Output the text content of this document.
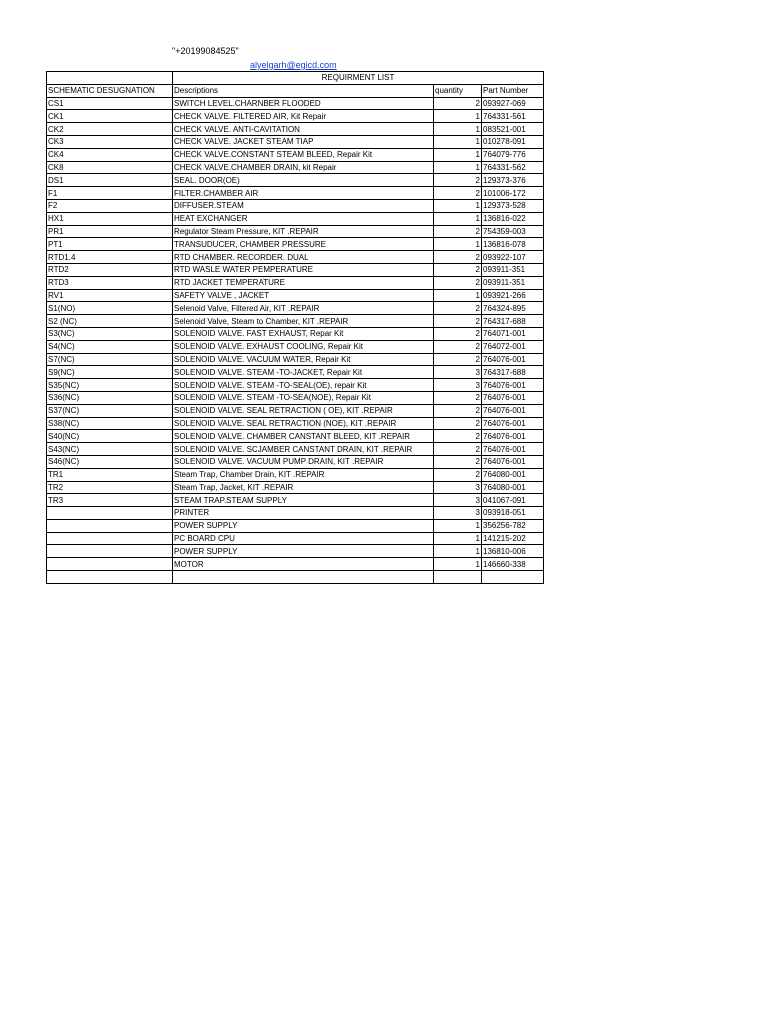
"+20199084525"
alyelgarh@egicd.com
	REQUIRMENT LIST		
SCHEMATIC DESUGNATION	Descriptions	quantity	Part Number
CS1	SWITCH LEVEL.CHARNBER FLOODED	2	093927-069
CK1	CHECK VALVE. FILTERED AIR, Kit Repair	1	764331-561
CK2	CHECK VALVE. ANTI-CAVITATION	1	083521-001
CK3	CHECK VALVE. JACKET STEAM TIAP	1	010278-091
CK4	CHECK VALVE.CONSTANT STEAM BLEED, Repair Kit	1	764079-776
CK8	CHECK VALVE.CHAMBER DRAIN, kit Repair	1	764331-562
DS1	SEAL. DOOR(OE)	2	129373-376
F1	FILTER.CHAMBER AIR	2	101006-172
F2	DIFFUSER.STEAM	1	129373-528
HX1	HEAT EXCHANGER	1	136816-022
PR1	Regulator Steam Pressure, KIT .REPAIR	2	754359-003
PT1	TRANSUDUCER, CHAMBER PRESSURE	1	136816-078
RTD1.4	RTD CHAMBER. RECORDER. DUAL	2	093922-107
RTD2	RTD WASLE WATER PEMPERATURE	2	093911-351
RTD3	RTD JACKET TEMPERATURE	2	093911-351
RV1	SAFETY VALVE , JACKET	1	093921-266
S1(NO)	Selenoid Valve, Filtered Air, KIT .REPAIR	2	764324-895
S2 (NC)	Selenoid Valve, Steam to Chamber, KIT .REPAIR	2	764317-688
S3(NC)	SOLENOID VALVE. FAST EXHAUST, Repar Kit	2	764071-001
S4(NC)	SOLENOID VALVE. EXHAUST COOLING, Repair Kit	2	764072-001
S7(NC)	SOLENOID VALVE. VACUUM WATER, Repair Kit	2	764076-001
S9(NC)	SOLENOID VALVE. STEAM -TO-JACKET, Repair Kit	3	764317-688
S35(NC)	SOLENOID VALVE. STEAM -TO-SEAL(OE), repair Kit	3	764076-001
S36(NC)	SOLENOID VALVE. STEAM -TO-SEA(NOE), Repair Kit	2	764076-001
S37(NC)	SOLENOID VALVE. SEAL RETRACTION ( OE), KIT .REPAIR	2	764076-001
S38(NC)	SOLENOID VALVE. SEAL RETRACTION (NOE), KIT .REPAIR	2	764076-001
S40(NC)	SOLENOID VALVE. CHAMBER CANSTANT BLEED, KIT .REPAIR	2	764076-001
S43(NC)	SOLENOID VALVE. SCJAMBER CANSTANT DRAIN, KIT .REPAIR	2	764076-001
S46(NC)	SOLENOID VALVE. VACUUM PUMP DRAIN, KIT .REPAIR	2	764076-001
TR1	Steam Trap, Chamber Drain, KIT .REPAIR	2	764080-001
TR2	Steam Trap, Jacket, KIT .REPAIR	3	764080-001
TR3	STEAM TRAP.STEAM SUPPLY	3	041067-091
	PRINTER	3	093918-051
	POWER SUPPLY	1	356256-782
	PC BOARD CPU	1	141215-202
	POWER SUPPLY	1	136810-006
	MOTOR	1	146660-338
